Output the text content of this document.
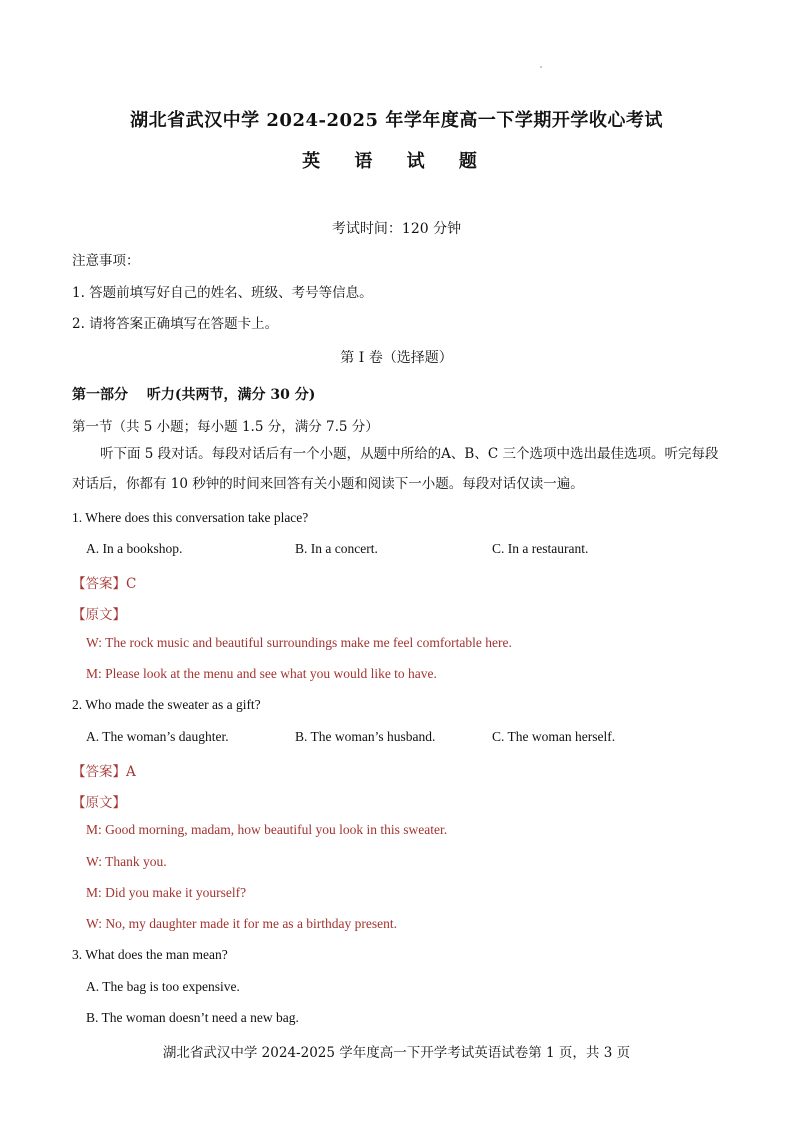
湖北省武汉中学 2024-2025 年学年度高一下学期开学收心考试
英 语 试 题
考试时间：120 分钟
注意事项：
1. 答题前填写好自己的姓名、班级、考号等信息。
2. 请将答案正确填写在答题卡上。
第 I 卷（选择题）
第一部分　 听力(共两节，满分 30 分)
第一节（共 5 小题；每小题 1.5 分，满分 7.5 分）
听下面 5 段对话。每段对话后有一个小题，从题中所给的A、B、C 三个选项中选出最佳选项。听完每段对话后，你都有 10 秒钟的时间来回答有关小题和阅读下一小题。每段对话仅读一遍。
1. Where does this conversation take place?
A. In a bookshop.	B. In a concert.	C. In a restaurant.
【答案】C
【原文】
W: The rock music and beautiful surroundings make me feel comfortable here.
M: Please look at the menu and see what you would like to have.
2. Who made the sweater as a gift?
A. The woman’s daughter.	B. The woman’s husband.	C. The woman herself.
【答案】A
【原文】
M: Good morning, madam, how beautiful you look in this sweater.
W: Thank you.
M: Did you make it yourself?
W: No, my daughter made it for me as a birthday present.
3. What does the man mean?
A. The bag is too expensive.
B. The woman doesn’t need a new bag.
湖北省武汉中学 2024-2025 学年度高一下开学考试英语试卷第 1 页，共 3 页
